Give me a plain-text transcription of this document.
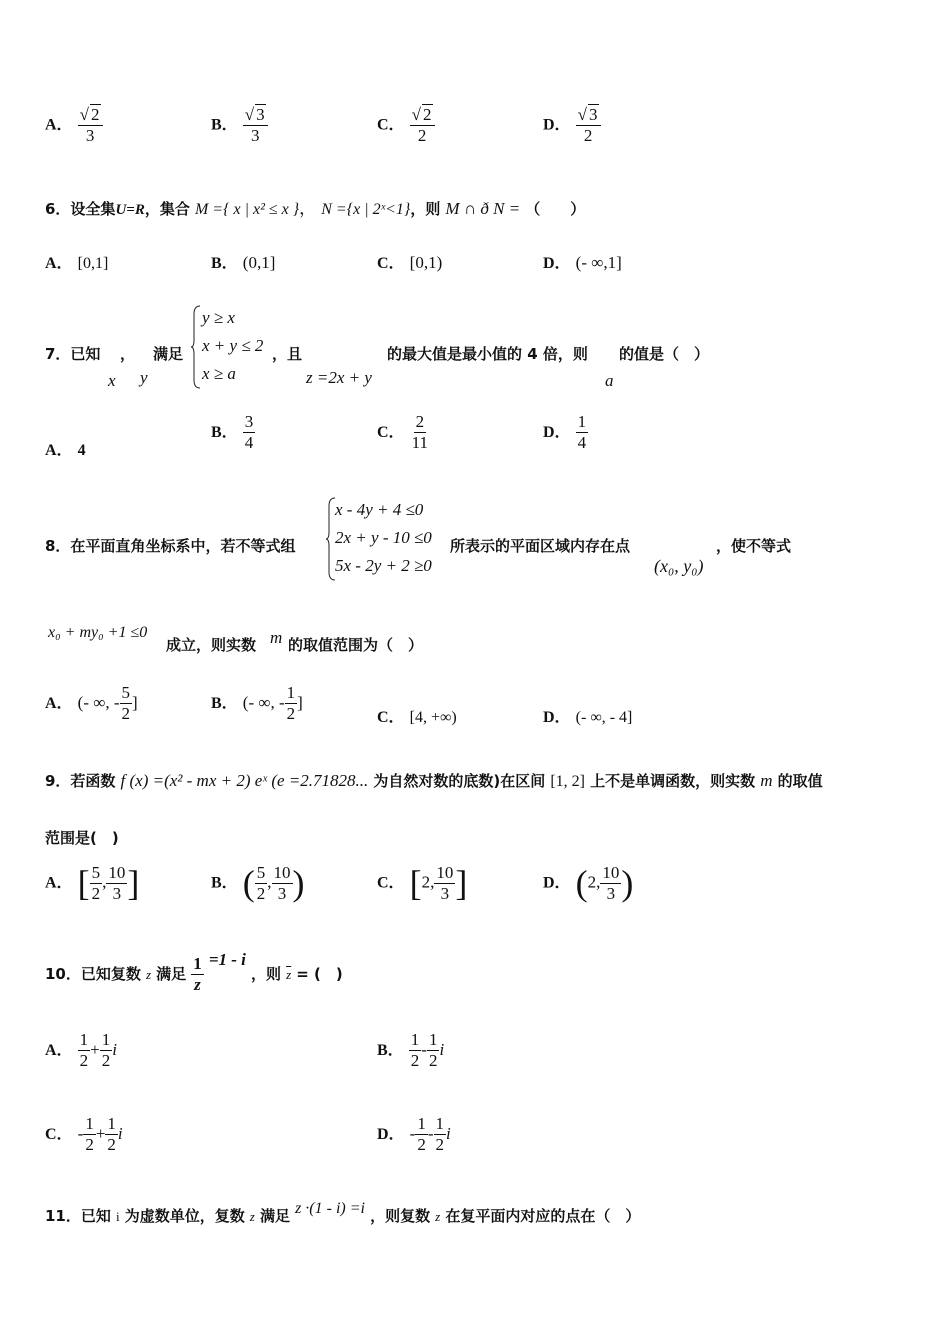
A． $\frac{√ 2}{3}$	B． $\frac{√ 3}{3}$	C． $\frac{√ 2}{2}$	D． $\frac{√ 3}{2}$
6．设全集U=R，集合 M ={ x | x² ≤ x }， N ={x | 2ˣ<1}，则 M ∩ ð N = （　　）
A． [0,1]	B． (0,1]	C． [0,1)	D． (- ∞,1]
7．已知 ， 满足
x y
y ≥ x
x + y ≤ 2
x ≥ a
，且
z =2x + y
的最大值是最小值的 4 倍，则
a
的值是（　）
A． 4
B． $\frac{3}{4}$	C． $\frac{2}{11}$	D． $\frac{1}{4}$
8．在平面直角坐标系中，若不等式组
x - 4y + 4 ≤0
2x + y - 10 ≤0
5x - 2y + 2 ≥0
所表示的平面区域内存在点
(x₀, y₀)
，使不等式
x₀ + my₀ +1 ≤0
成立，则实数 m 的取值范围为（　）
A． (- ∞, - $\frac{5}{2}$ ]	B． (- ∞, - $\frac{1}{2}$ ]
C． [4, +∞)	D． (- ∞, - 4]
9．若函数 f (x) =(x² - mx + 2) eˣ (e =2.71828... 为自然对数的底数)在区间 [1, 2] 上不是单调函数，则实数 m 的取值
范围是(　)
A． [ $\frac{5}{2}$ , $\frac{10}{3}$ ]	B． ( $\frac{5}{2}$ , $\frac{10}{3}$ )	C． [2, $\frac{10}{3}$ ]	D． (2, $\frac{10}{3}$ )
10．已知复数 z 满足 $\frac{1}{z} =1 - i$ ，则 $\overline{z}$ = (　)
A． $\frac{1}{2} + \frac{1}{2}$ i	B． $\frac{1}{2} - \frac{1}{2}$ i
C． - $\frac{1}{2} + \frac{1}{2}$ i	D． - $\frac{1}{2} - \frac{1}{2}$ i
11．已知 i 为虚数单位，复数 z 满足 z ·(1 - i) =i ，则复数 z 在复平面内对应的点在（　）
